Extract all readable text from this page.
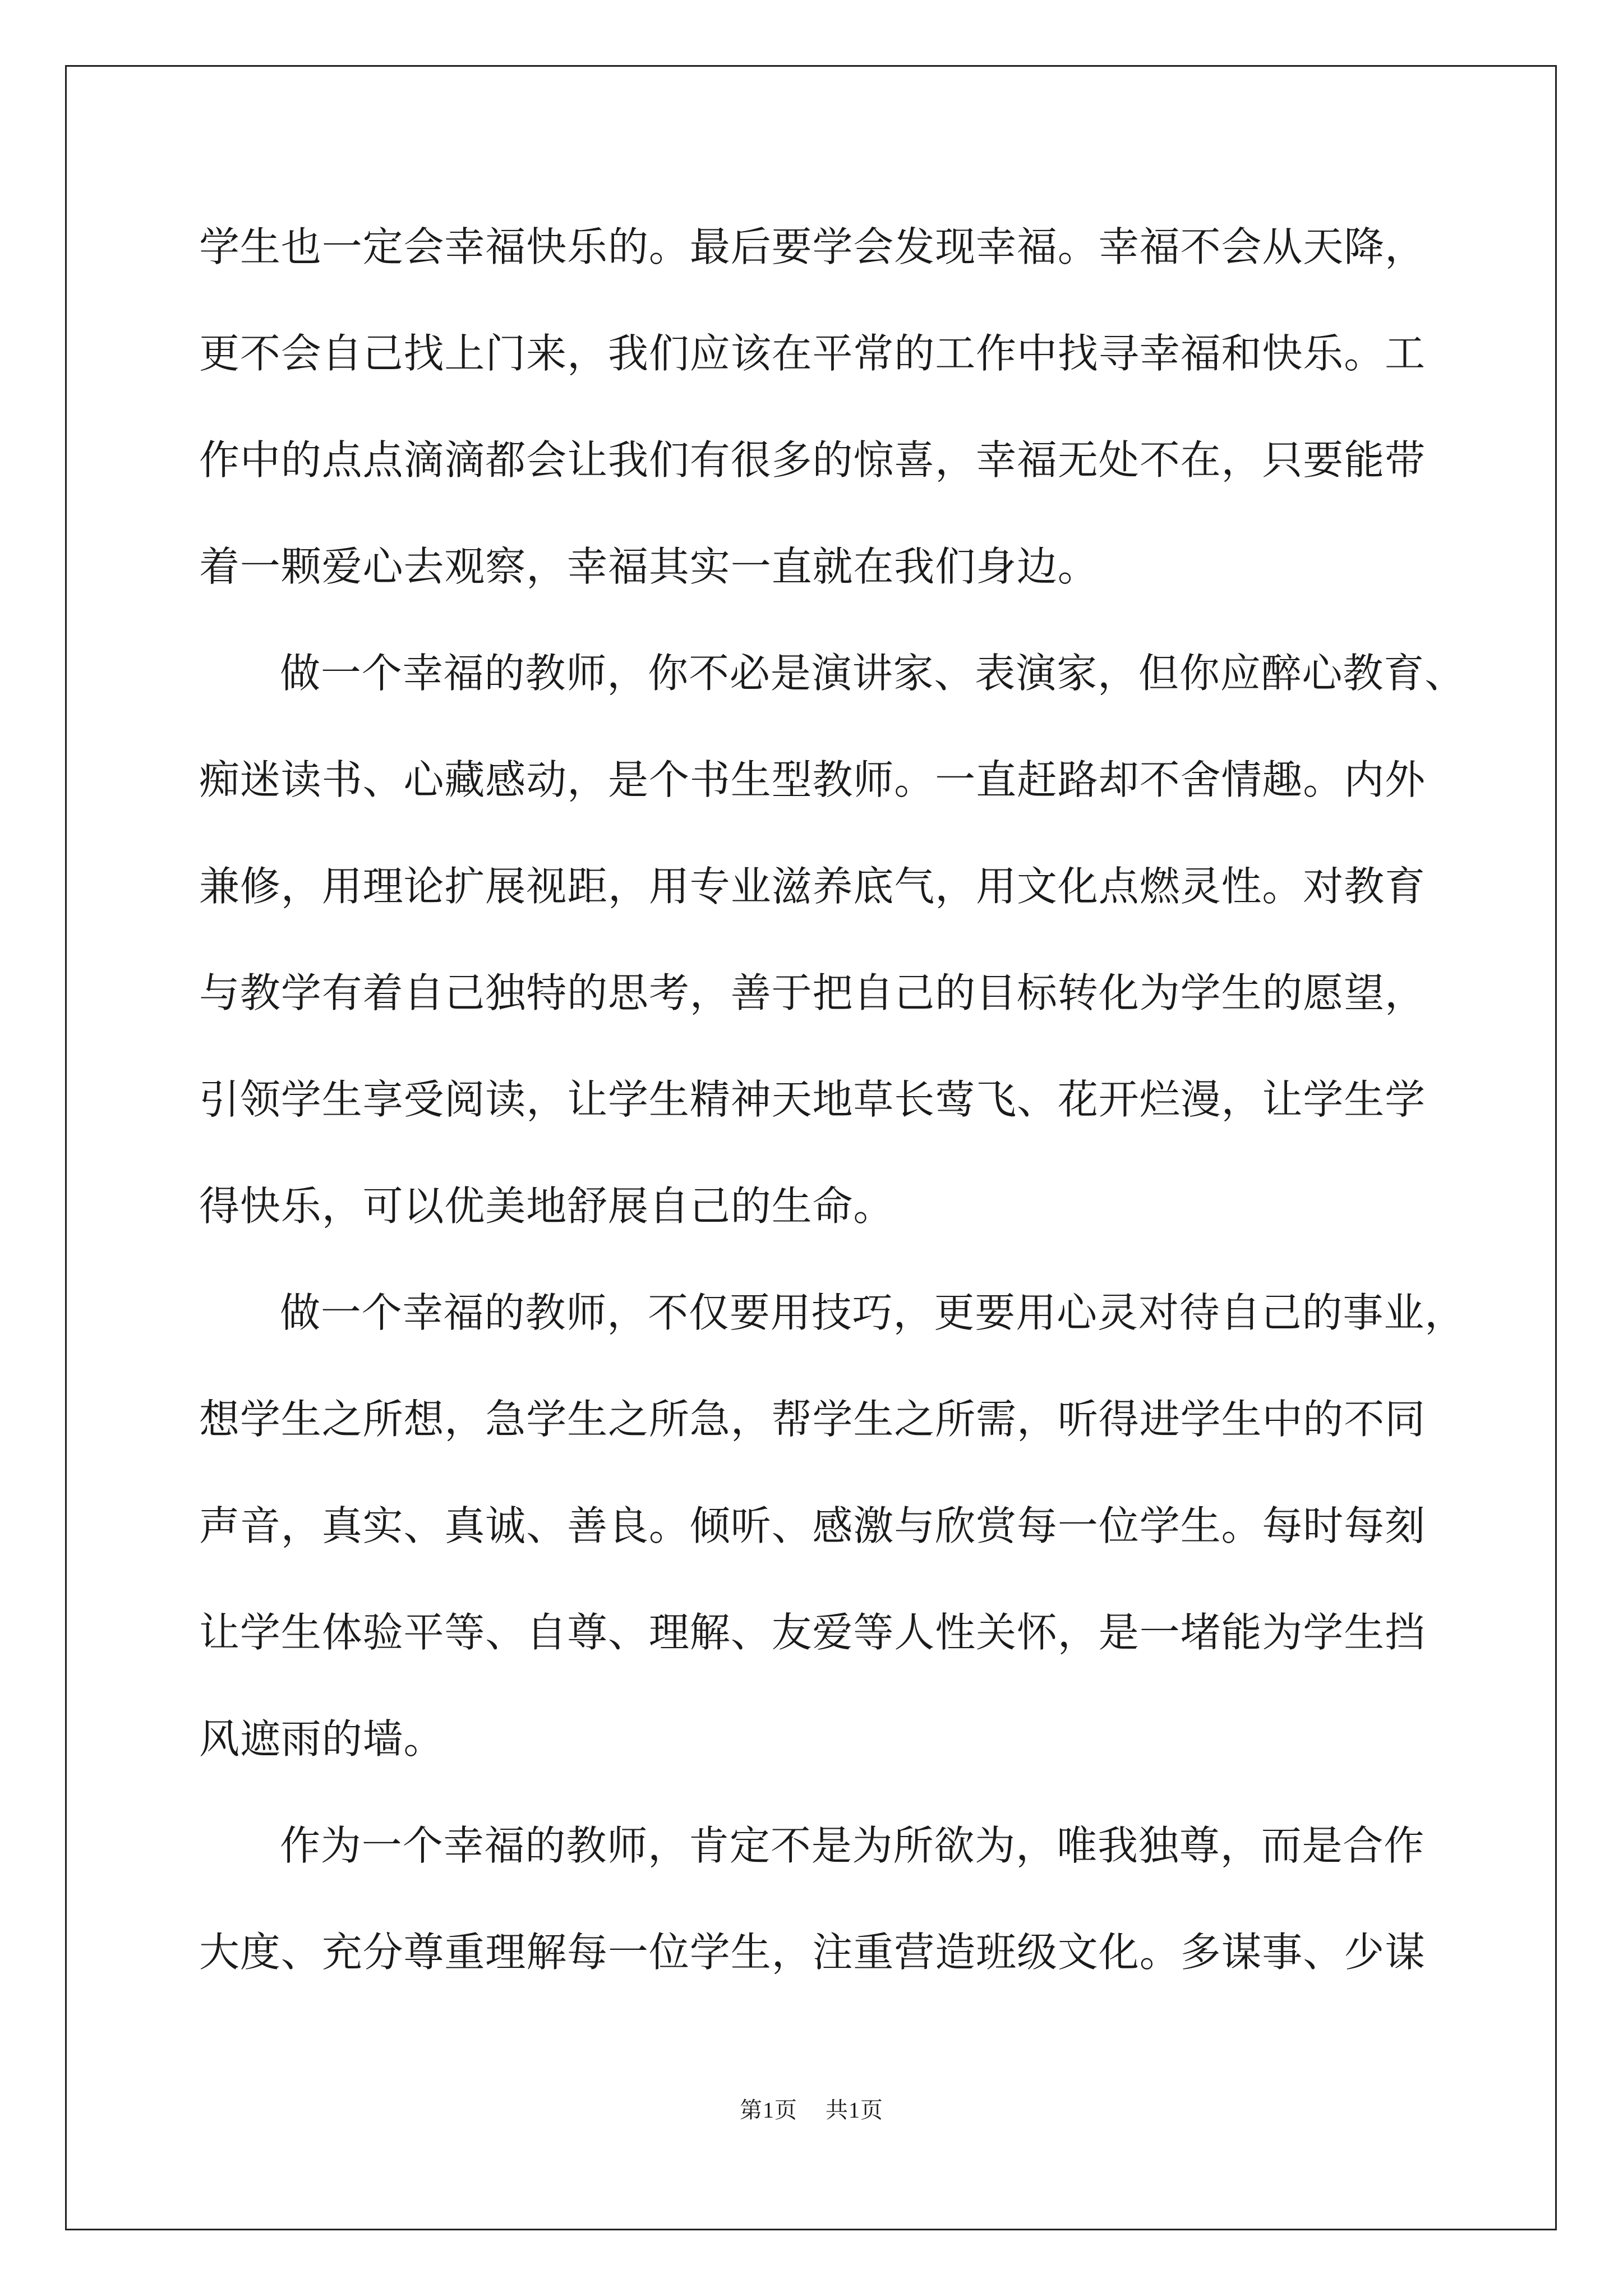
学生也一定会幸福快乐的。最后要学会发现幸福。幸福不会从天降，
更不会自己找上门来，我们应该在平常的工作中找寻幸福和快乐。工
作中的点点滴滴都会让我们有很多的惊喜，幸福无处不在，只要能带
着一颗爱心去观察，幸福其实一直就在我们身边。
做一个幸福的教师，你不必是演讲家、表演家，但你应醉心教育、
痴迷读书、心藏感动，是个书生型教师。一直赶路却不舍情趣。内外
兼修，用理论扩展视距，用专业滋养底气，用文化点燃灵性。对教育
与教学有着自己独特的思考，善于把自己的目标转化为学生的愿望，
引领学生享受阅读，让学生精神天地草长莺飞、花开烂漫，让学生学
得快乐，可以优美地舒展自己的生命。
做一个幸福的教师，不仅要用技巧，更要用心灵对待自己的事业，
想学生之所想，急学生之所急，帮学生之所需，听得进学生中的不同
声音，真实、真诚、善良。倾听、感激与欣赏每一位学生。每时每刻
让学生体验平等、自尊、理解、友爱等人性关怀，是一堵能为学生挡
风遮雨的墙。
作为一个幸福的教师，肯定不是为所欲为，唯我独尊，而是合作
大度、充分尊重理解每一位学生，注重营造班级文化。多谋事、少谋
第1页 共1页
